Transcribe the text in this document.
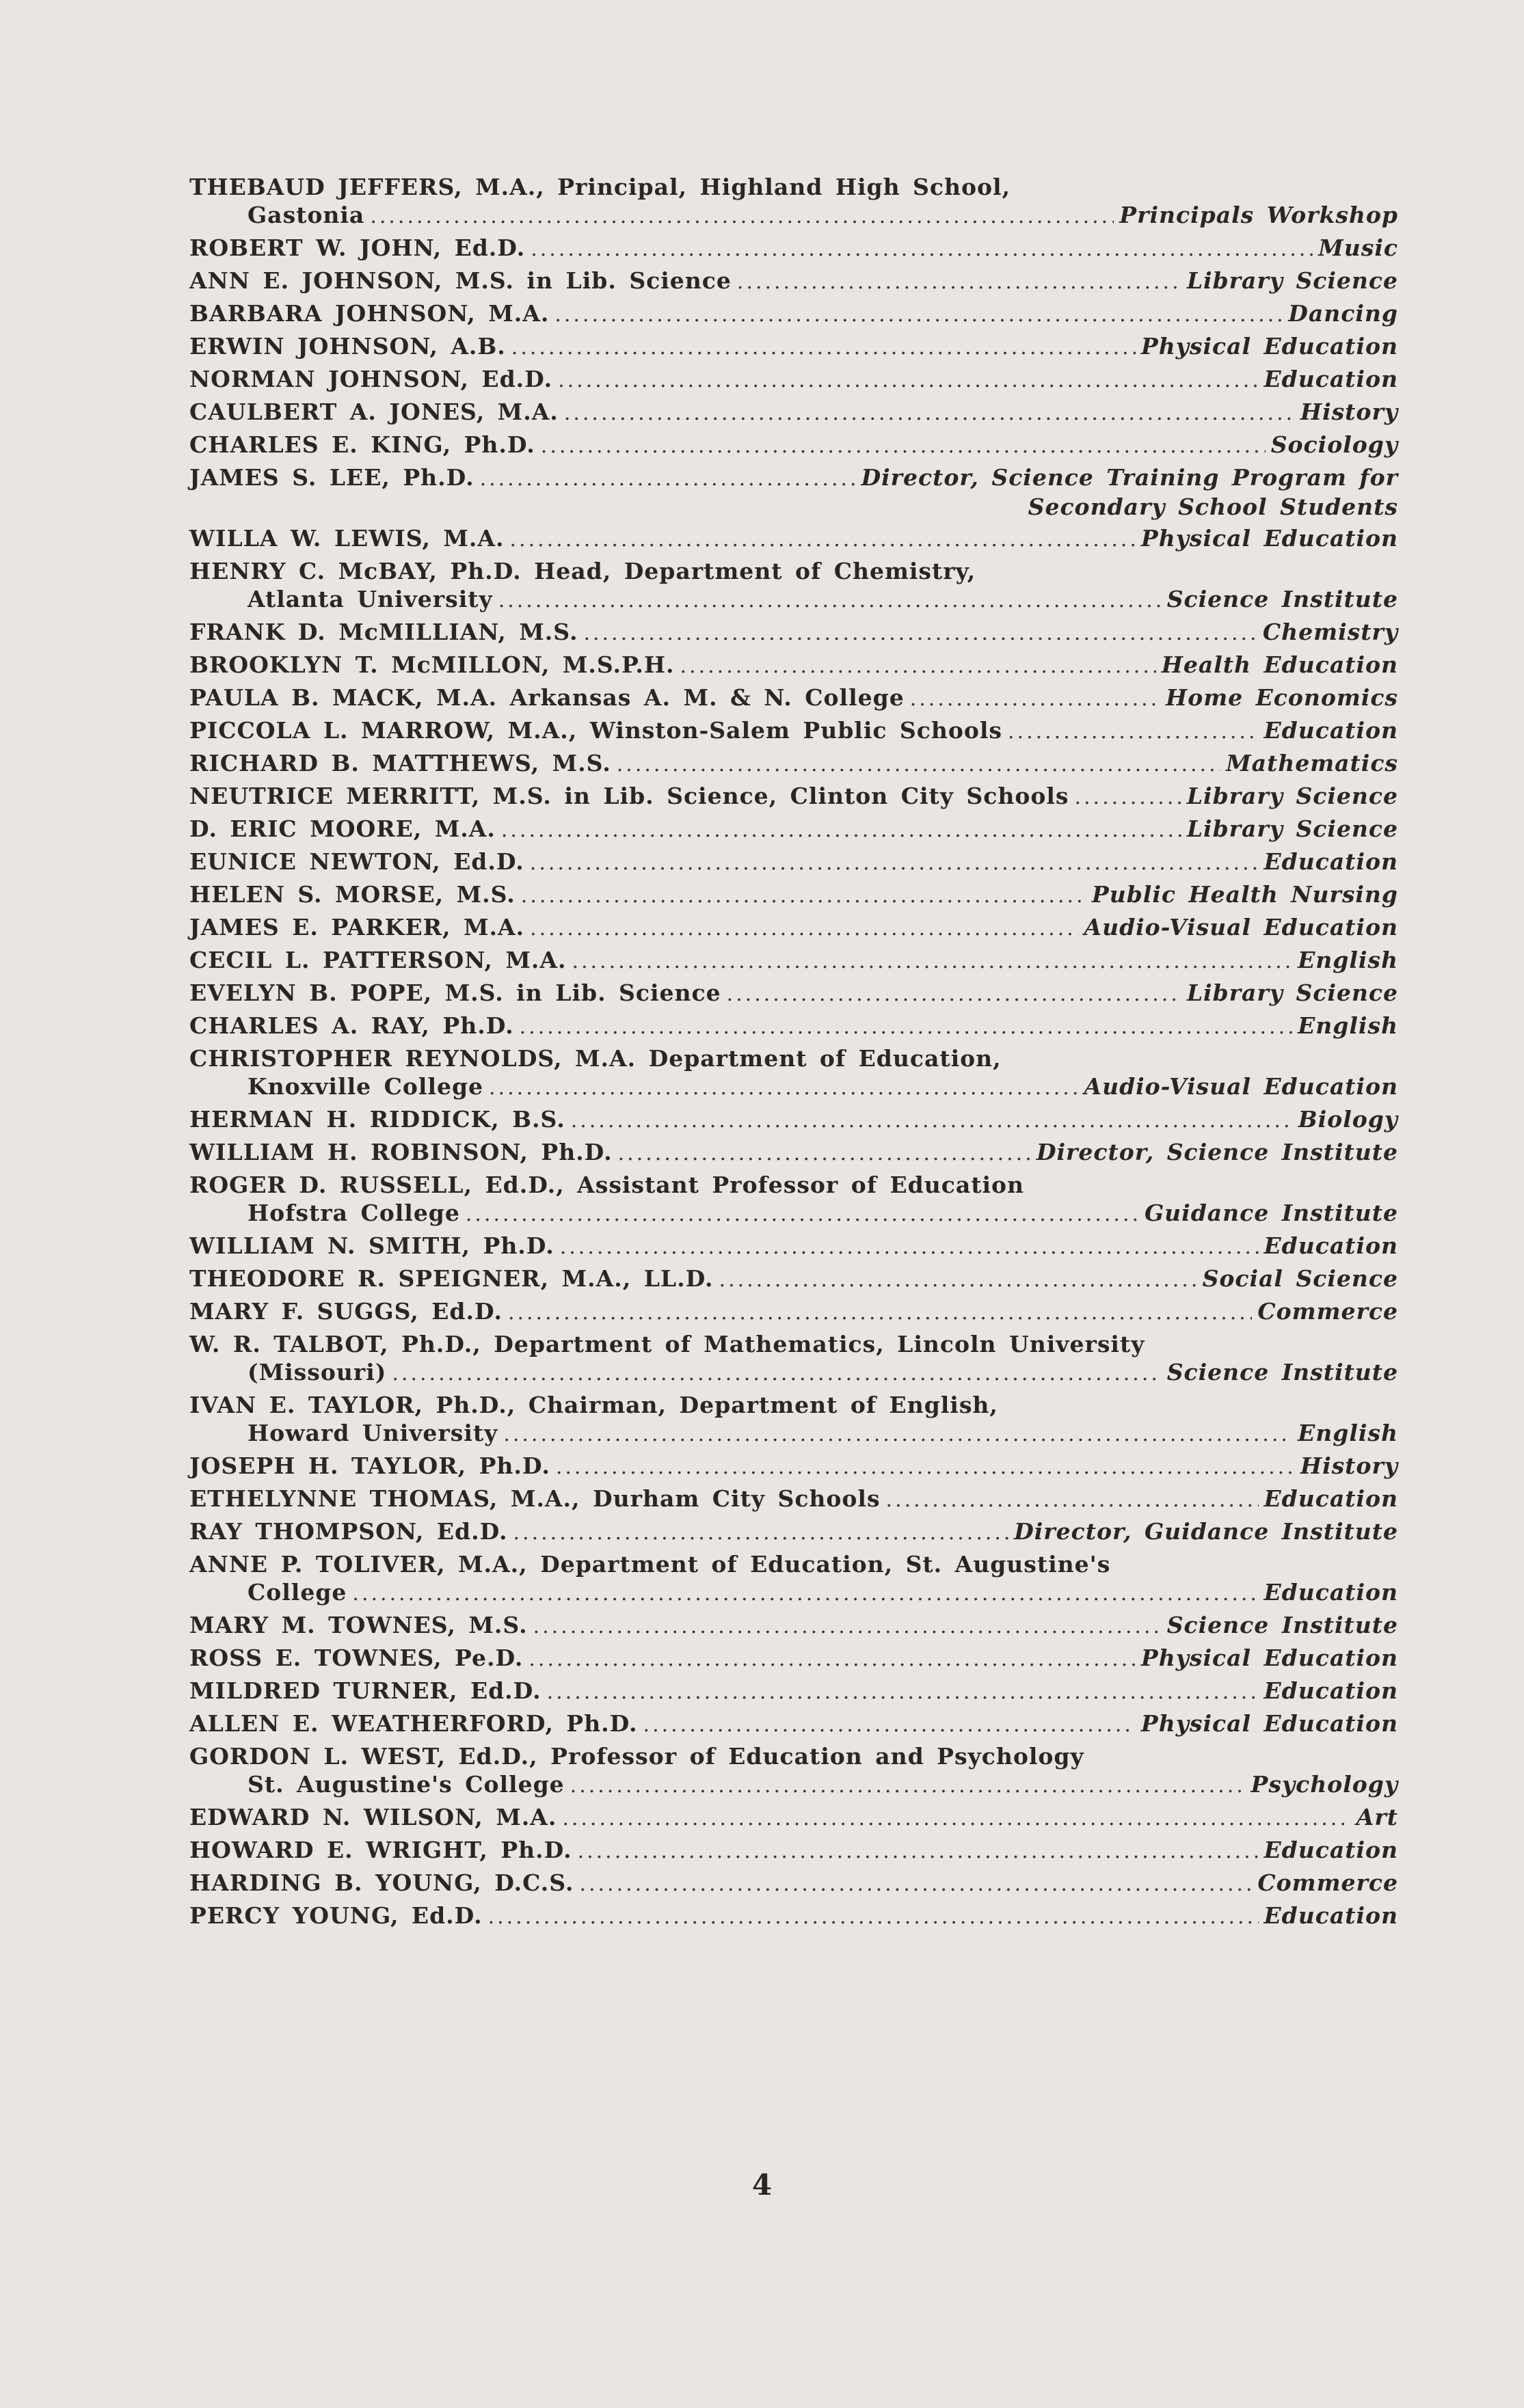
THEBAUD JEFFERS, M.A., Principal, Highland High School,
Gastonia .....	Principals Workshop
ROBERT W. JOHN, Ed.D. .....	Music
ANN E. JOHNSON, M.S. in Lib. Science .....	Library Science
BARBARA JOHNSON, M.A. .....	Dancing
ERWIN JOHNSON, A.B. .....	Physical Education
NORMAN JOHNSON, Ed.D. .....	Education
CAULBERT A. JONES, M.A. .....	History
CHARLES E. KING, Ph.D. .....	Sociology
JAMES S. LEE, Ph.D. .....	Director, Science Training Program for
Secondary School Students
WILLA W. LEWIS, M.A. .....	Physical Education
HENRY C. McBAY, Ph.D. Head, Department of Chemistry,
Atlanta University .....	Science Institute
FRANK D. McMILLIAN, M.S. .....	Chemistry
BROOKLYN T. McMILLON, M.S.P.H. .....	Health Education
PAULA B. MACK, M.A. Arkansas A. M. & N. College .....	Home Economics
PICCOLA L. MARROW, M.A., Winston-Salem Public Schools .....	Education
RICHARD B. MATTHEWS, M.S. .....	Mathematics
NEUTRICE MERRITT, M.S. in Lib. Science, Clinton City Schools .....	Library Science
D. ERIC MOORE, M.A. .....	Library Science
EUNICE NEWTON, Ed.D. .....	Education
HELEN S. MORSE, M.S. .....	Public Health Nursing
JAMES E. PARKER, M.A. .....	Audio-Visual Education
CECIL L. PATTERSON, M.A. .....	English
EVELYN B. POPE, M.S. in Lib. Science .....	Library Science
CHARLES A. RAY, Ph.D. .....	English
CHRISTOPHER REYNOLDS, M.A. Department of Education,
Knoxville College .....	Audio-Visual Education
HERMAN H. RIDDICK, B.S. .....	Biology
WILLIAM H. ROBINSON, Ph.D. .....	Director, Science Institute
ROGER D. RUSSELL, Ed.D., Assistant Professor of Education
Hofstra College .....	Guidance Institute
WILLIAM N. SMITH, Ph.D. .....	Education
THEODORE R. SPEIGNER, M.A., LL.D. .....	Social Science
MARY F. SUGGS, Ed.D. .....	Commerce
W. R. TALBOT, Ph.D., Department of Mathematics, Lincoln University
(Missouri) .....	Science Institute
IVAN E. TAYLOR, Ph.D., Chairman, Department of English,
Howard University .....	English
JOSEPH H. TAYLOR, Ph.D. .....	History
ETHELYNNE THOMAS, M.A., Durham City Schools .....	Education
RAY THOMPSON, Ed.D. .....	Director, Guidance Institute
ANNE P. TOLIVER, M.A., Department of Education, St. Augustine's
College .....	Education
MARY M. TOWNES, M.S. .....	Science Institute
ROSS E. TOWNES, Pe.D. .....	Physical Education
MILDRED TURNER, Ed.D. .....	Education
ALLEN E. WEATHERFORD, Ph.D. .....	Physical Education
GORDON L. WEST, Ed.D., Professor of Education and Psychology
St. Augustine's College .....	Psychology
EDWARD N. WILSON, M.A. .....	Art
HOWARD E. WRIGHT, Ph.D. .....	Education
HARDING B. YOUNG, D.C.S. .....	Commerce
PERCY YOUNG, Ed.D. .....	Education
4
